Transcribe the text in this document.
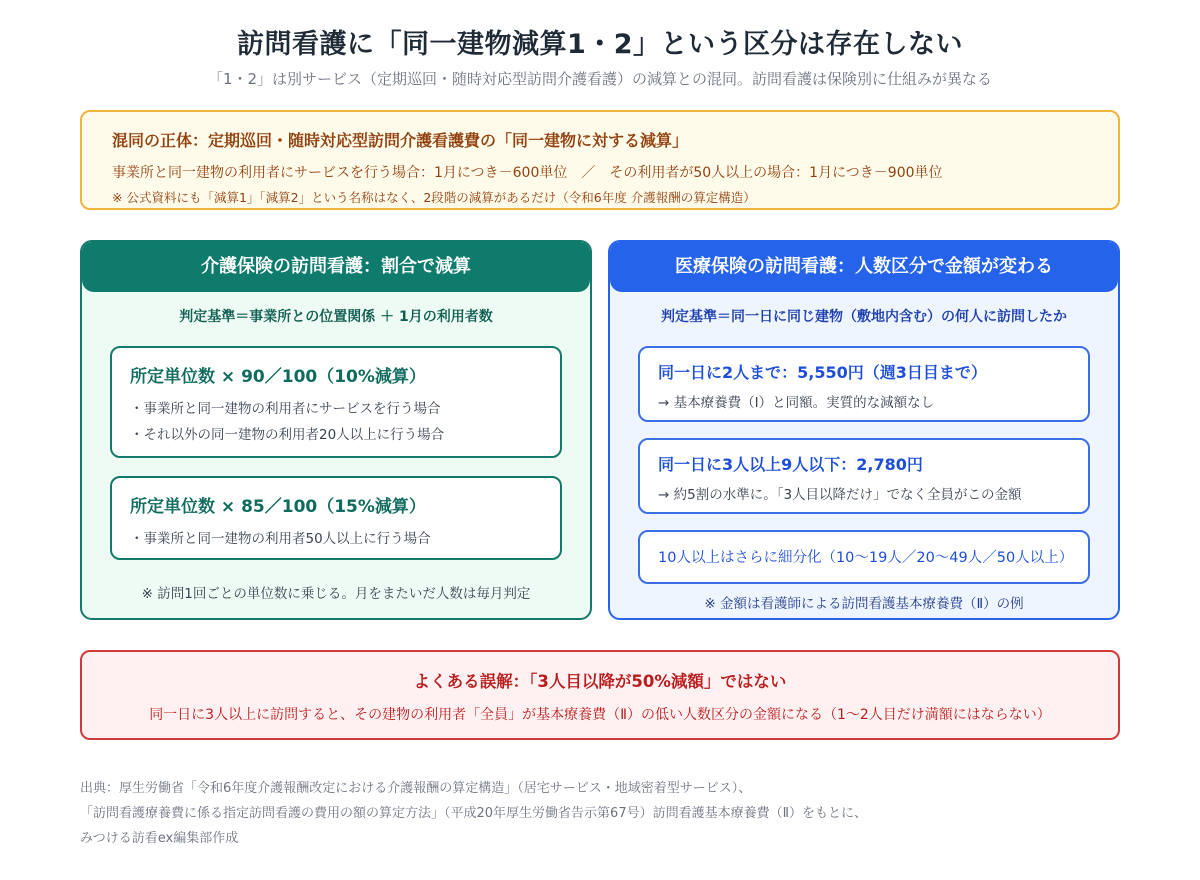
訪問看護に「同一建物減算1・2」という区分は存在しない
「1・2」は別サービス（定期巡回・随時対応型訪問介護看護）の減算との混同。訪問看護は保険別に仕組みが異なる
混同の正体：定期巡回・随時対応型訪問介護看護費の「同一建物に対する減算」
事業所と同一建物の利用者にサービスを行う場合：1月につき－600単位　／　その利用者が50人以上の場合：1月につき－900単位
※ 公式資料にも「減算1」「減算2」という名称はなく、2段階の減算があるだけ（令和6年度 介護報酬の算定構造）
介護保険の訪問看護：割合で減算
判定基準＝事業所との位置関係 ＋ 1月の利用者数
所定単位数 × 90／100（10%減算）
・事業所と同一建物の利用者にサービスを行う場合
・それ以外の同一建物の利用者20人以上に行う場合
所定単位数 × 85／100（15%減算）
・事業所と同一建物の利用者50人以上に行う場合
※ 訪問1回ごとの単位数に乗じる。月をまたいだ人数は毎月判定
医療保険の訪問看護：人数区分で金額が変わる
判定基準＝同一日に同じ建物（敷地内含む）の何人に訪問したか
同一日に2人まで：5,550円（週3日目まで）
→ 基本療養費（Ⅰ）と同額。実質的な減額なし
同一日に3人以上9人以下：2,780円
→ 約5割の水準に。「3人目以降だけ」でなく全員がこの金額
10人以上はさらに細分化（10〜19人／20〜49人／50人以上）
※ 金額は看護師による訪問看護基本療養費（Ⅱ）の例
よくある誤解：「3人目以降が50%減額」ではない
同一日に3人以上に訪問すると、その建物の利用者「全員」が基本療養費（Ⅱ）の低い人数区分の金額になる（1〜2人目だけ満額にはならない）
出典：厚生労働省「令和6年度介護報酬改定における介護報酬の算定構造」（居宅サービス・地域密着型サービス）、
「訪問看護療養費に係る指定訪問看護の費用の額の算定方法」（平成20年厚生労働省告示第67号）訪問看護基本療養費（Ⅱ）をもとに、
みつける訪看ex編集部作成
